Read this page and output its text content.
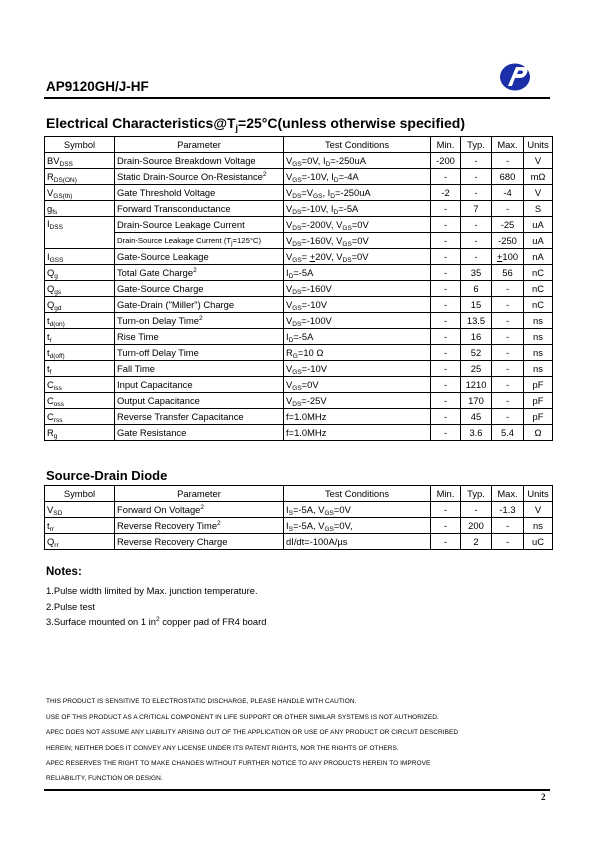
AP9120GH/J-HF
Electrical $Characteristics@T_j=25^\circ C(unless$ otherwise specified)
Symbol	Parameter	Test Conditions	Min.	Typ.	Max.	Units
$BV_{DSS}$	Drain-Source Breakdown Voltage	$V_{GS}=0V$, $I_D=-250uA$	-200	-	-	V
$R_{DS(ON)}$	Static Drain-Source On-Resistance$^2$	$V_{GS}=-10V$, $I_D=-4A$	-	-	680	mΩ
$V_{GS(th)}$	Gate Threshold Voltage	$V_{DS}=V_{GS}$, $I_D=-250uA$	-2	-	-4	V
$g_{fs}$	Forward Transconductance	$V_{DS}=-10V$, $I_D=-5A$	-	7	-	S
$I_{DSS}$	Drain-Source Leakage Current	$V_{DS}=-200V$, $V_{GS}=0V$	-	-	-25	uA
	Drain-Source Leakage Current $(T_j=125^\circ C)$	$V_{DS}=-160V$, $V_{GS}=0V$	-	-	-250	uA
$I_{GSS}$	Gate-Source Leakage	$V_{GS}= +20V$, $V_{DS}=0V$	-	-	+100	nA
$Q_g$	Total Gate Charge$^2$	$I_D=-5A$	-	35	56	nC
$Q_{gs}$	Gate-Source Charge	$V_{DS}=-160V$	-	6	-	nC
$Q_{gd}$	Gate-Drain ("Miller") Charge	$V_{GS}=-10V$	-	15	-	nC
$t_{d(on)}$	Turn-on Delay Time$^2$	$V_{DS}=-100V$	-	13.5	-	ns
$t_r$	Rise Time	$I_D=-5A$	-	16	-	ns
$t_{d(off)}$	Turn-off Delay Time	$R_G=10$ Ω	-	52	-	ns
$t_f$	Fall Time	$V_{GS}=-10V$	-	25	-	ns
$C_{iss}$	Input Capacitance	$V_{GS}=0V$	-	1210	-	pF
$C_{oss}$	Output Capacitance	$V_{DS}=-25V$	-	170	-	pF
$C_{rss}$	Reverse Transfer Capacitance	f=1.0MHz	-	45	-	pF
$R_g$	Gate Resistance	f=1.0MHz	-	3.6	5.4	Ω
Source-Drain Diode
Symbol	Parameter	Test Conditions	Min.	Typ.	Max.	Units
$V_{SD}$	Forward On Voltage$^2$	$I_S=-5A$, $V_{GS}=0V$	-	-	-1.3	V
$t_{rr}$	Reverse Recovery Time$^2$	$I_S=-5A$, $V_{GS}=0V$,	-	200	-	ns
$Q_{rr}$	Reverse Recovery Charge	dI/dt=-100A/µs	-	2	-	uC
Notes:
1.Pulse width limited by Max. junction temperature.
2.Pulse test
3.Surface mounted on 1 $in^2$ copper pad of FR4 board
THIS PRODUCT IS SENSITIVE TO ELECTROSTATIC DISCHARGE, PLEASE HANDLE WITH CAUTION.
USE OF THIS PRODUCT AS A CRITICAL COMPONENT IN LIFE SUPPORT OR OTHER SIMILAR SYSTEMS IS NOT AUTHORIZED.
APEC DOES NOT ASSUME ANY LIABILITY ARISING OUT OF THE APPLICATION OR USE OF ANY PRODUCT OR CIRCUIT DESCRIBED
HEREIN; NEITHER DOES IT CONVEY ANY LICENSE UNDER ITS PATENT RIGHTS, NOR THE RIGHTS OF OTHERS.
APEC RESERVES THE RIGHT TO MAKE CHANGES WITHOUT FURTHER NOTICE TO ANY PRODUCTS HEREIN TO IMPROVE
RELIABILITY, FUNCTION OR DESIGN.
2
